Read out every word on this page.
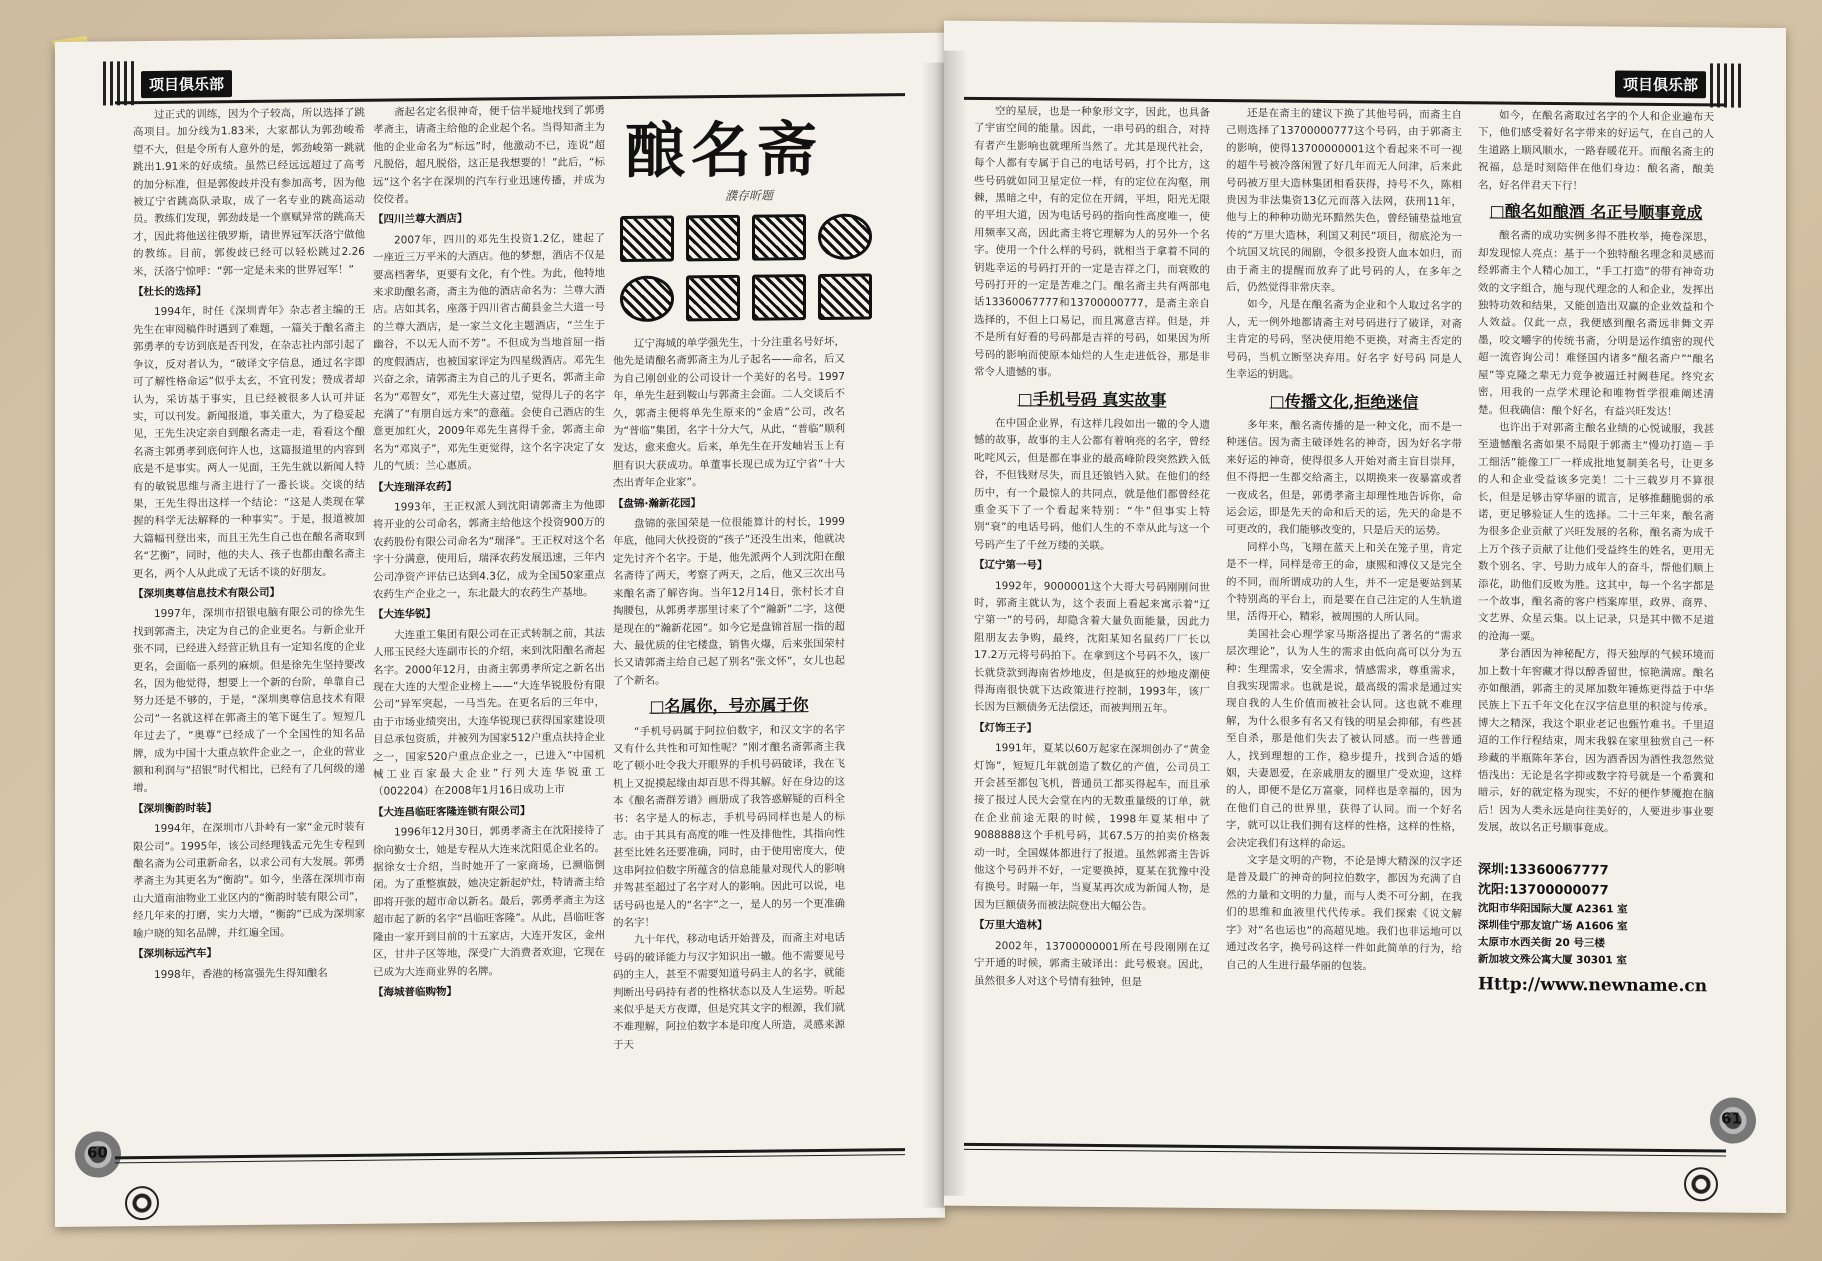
项目俱乐部

过正式的训练，因为个子较高，所以选择了跳高项目。加分线为1.83米，大家都认为郭劲峻希望不大，但是令所有人意外的是，郭劲峻第一跳就跳出1.91米的好成绩。虽然已经远远超过了高考的加分标准，但是郭俊歧并没有参加高考，因为他被辽宁省跳高队录取，成了一名专业的跳高运动员。教练们发现，郭劲歧是一个禀赋异常的跳高天才，因此将他送往俄罗斯，请世界冠军沃洛宁做他的教练。目前，郭俊歧已经可以轻松跳过2.26米，沃洛宁惊呼：“郭一定是未来的世界冠军！”

【杜长的选择】

1994年，时任《深圳青年》杂志者主编的王先生在审阅稿件时遇到了难题，一篇关于酿名斋主郭勇孝的专访到底是否刊发，在杂志社内部引起了争议，反对者认为，“破译文字信息，通过名字即可了解性格命运”似乎太玄，不宜刊发；赞成者却认为，采访基于事实，且已经被很多人认可并证实，可以刊发。新闻报道，事关重大，为了稳妥起见，王先生决定亲自到酿名斋走一走，看看这个酿名斋主郭勇孝到底何许人也，这篇报道里的内容到底是不是事实。两人一见面，王先生就以新闻人特有的敏锐思维与斋主进行了一番长谈。交谈的结果，王先生得出这样一个结论：“这是人类现在掌握的科学无法解释的一种事实”。于是，报道被加大篇幅刊登出来，而且王先生自己也在酿名斋取到名“艺衡”，同时，他的夫人、孩子也都由酿名斋主更名，两个人从此成了无话不谈的好朋友。

【深圳奥尊信息技术有限公司】

1997年，深圳市招银电脑有限公司的徐先生找到郭斋主，决定为自己的企业更名。与新企业开张不同，已经进入经营正轨且有一定知名度的企业更名，会面临一系列的麻烦。但是徐先生坚持要改名，因为他觉得，想要上一个新的台阶，单靠自己努力还是不够的，于是，“深圳奥尊信息技术有限公司”一名就这样在郭斋主的笔下诞生了。短短几年过去了，“奥尊”已经成了一个全国性的知名品牌，成为中国十大重点软件企业之一，企业的营业额和利润与“招银”时代相比，已经有了几何级的递增。

【深圳衡韵时装】

1994年，在深圳市八卦岭有一家“金元时装有限公司”。1995年，该公司经理钱孟元先生专程到酿名斋为公司重新命名，以求公司有大发展。郭勇孝斋主为其更名为“衡韵”。如今，坐落在深圳市南山大道南油物业工业区内的“衡韵时装有限公司”，经几年来的打磨，实力大增，“衡韵”已成为深圳家喻户晓的知名品牌，并红遍全国。

【深圳标远汽车】

1998年，香港的杨富强先生得知酿名

斋起名定名很神奇，便千信半疑地找到了郭勇孝斋主，请斋主给他的企业起个名。当得知斋主为他的企业命名为“标远”时，他激动不已，连说“超凡脱俗，超凡脱俗，这正是我想要的！”此后，“标远”这个名字在深圳的汽车行业迅速传播，并成为佼佼者。

【四川兰尊大酒店】

2007年，四川的邓先生投资1.2亿，建起了一座近三万平米的大酒店。他的梦想，酒店不仅是要高档奢华，更要有文化，有个性。为此，他特地来求助酿名斋，斋主为他的酒店命名为：兰尊大酒店。店如其名，座落于四川省古蔺县金兰大道一号的兰尊大酒店，是一家兰文化主题酒店，“兰生于幽谷，不以无人而不芳”。不但成为当地首屈一指的度假酒店，也被国家评定为四星级酒店。邓先生兴奋之余，请郭斋主为自己的儿子更名，郭斋主命名为“邓智女”，邓先生大喜过望，觉得儿子的名字充满了“有朋自远方来”的意蕴。会使自己酒店的生意更加红火，2009年邓先生喜得千金，郭斋主命名为“邓岚子”，邓先生更觉得，这个名字决定了女儿的气质：兰心惠质。

【大连瑞泽农药】

1993年，王正权派人到沈阳请郭斋主为他即将开业的公司命名，郭斋主给他这个投资900万的农药股份有限公司命名为“瑞泽”。王正权对这个名字十分满意，使用后，瑞泽农药发展迅速，三年内公司净资产评估已达到4.3亿，成为全国50家重点农药生产企业之一，东北最大的农药生产基地。

【大连华锐】

大连重工集团有限公司在正式转制之前，其法人邢玉民经大连副市长的介绍，来到沈阳酿名斋起名字。2000年12月，由斋主郭勇孝所定之新名出现在大连的大型企业榜上——“大连华锐股份有限公司”异军突起，一马当先。在更名后的三年中，由于市场业绩突出，大连华锐现已获得国家建设项目总承包资质，并被列为国家512户重点扶持企业之一，国家520户重点企业之一，已进入“中国机械工业百家最大企业”行列大连华锐重工（002204）在2008年1月16日成功上市

【大连昌临旺客隆连锁有限公司】

1996年12月30日，郭勇孝斋主在沈阳接待了徐向勤女士，她是专程从大连来沈阳觅企业名的。据徐女士介绍，当时她开了一家商场，已濒临倒闭。为了重整旗鼓，她决定新起炉灶，特请斋主给即将开张的超市命以新名。最后，郭勇孝斋主为这超市起了新的名字“昌临旺客隆”。从此，昌临旺客隆由一家开到目前的十五家店，大连开发区，金州区，甘井子区等地，深受广大消费者欢迎，它现在已成为大连商业界的名牌。

【海城普临购物】
酿名斋
濮存昕题

辽宁海城的单学强先生，十分注重名号好坏，他先是请酿名斋郭斋主为儿子起名——命名，后又为自己刚创业的公司设计一个美好的名号。1997年，单先生赶到鞍山与郭斋主会面。二人交谈后不久，郭斋主便将单先生原来的“金盾”公司，改名为“普临”集团，名字十分大气，从此，“普临”顺利发达，愈来愈火。后来，单先生在开发岫岩玉上有胆有识大获成功。单董事长现已成为辽宁省“十大杰出青年企业家”。

【盘锦·瀚新花园】

盘锦的张国荣是一位很能算计的村长，1999年底，他同大伙投资的“孩子”还没生出来，他就决定先讨齐个名字。于是，他先派两个人到沈阳在酿名斋待了两天，考察了两天，之后，他又三次出马来酿名斋了解咨询。当年12月14日，张村长才自掏腰包，从郭勇孝那里讨来了个“瀚新”二字，这便是现在的“瀚新花园”。如今它是盘锦首屈一指的超大、最优质的住宅楼盘，销售火爆，后来张国荣村长又请郭斋主给自己起了别名“张文怀”，女儿也起了个新名。

□名属你，号亦属于你

“手机号码属于阿拉伯数字，和汉文字的名字又有什么共性和可知性呢？”刚才酿名斋郭斋主我吃了顿小吐令我大开眼界的手机号码破译，我在飞机上又捉摸起缘由却百思不得其解。好在身边的这本《酿名斋群芳谱》画册成了我答惑解疑的百科全书：名字是人的标志，手机号码同样也是人的标志。由于其具有高度的唯一性及排他性，其指向性甚至比姓名还要准确，同时，由于使用密度大，使这串阿拉伯数字所蕴含的信息能量对现代人的影响并驾甚至超过了名字对人的影响。因此可以说，电话号码也是人的“名字”之一，是人的另一个更准确的名字！

九十年代，移动电话开始普及，而斋主对电话号码的破译能力与汉字知识出一辙。他不需要见号码的主人，甚至不需要知道号码主人的名字，就能判断出号码持有者的性格状态以及人生运势。听起来似乎是天方夜谭，但是究其文字的根源，我们就不难理解，阿拉伯数字本是印度人所造，灵感来源于天

60
项目俱乐部

空的星辰，也是一种象形文字，因此，也具备了宇宙空间的能量。因此，一串号码的组合，对持有者产生影响也就理所当然了。尤其是现代社会，每个人都有专属于自己的电话号码，打个比方，这些号码就如同卫星定位一样，有的定位在沟壑，荆棘，黑暗之中，有的定位在开阔，平坦，阳光无限的平坦大道，因为电话号码的指向性高度唯一，使用频率又高，因此斋主将它理解为人的另外一个名字。使用一个什么样的号码，就相当于拿着不同的钥匙幸运的号码打开的一定是吉祥之门，而衰败的号码打开的一定是苦难之门。酿名斋主共有两部电话13360067777和13700000777，是斋主亲自选择的，不但上口易记，而且寓意吉祥。但是，并不是所有好看的号码都是吉祥的号码，如果因为所号码的影响而使原本灿烂的人生走进低谷，那是非常令人遗憾的事。

□手机号码 真实故事

在中国企业界，有这样几段如出一辙的令人遗憾的故事，故事的主人公都有着响亮的名字，曾经叱咤风云，但是都在事业的最高峰阶段突然跌入低谷，不但钱财尽失，而且还锒铛入狱。在他们的经历中，有一个最惊人的共同点，就是他们都曾经花重金买下了一个看起来特别：“牛”但事实上特别“衰”的电话号码，他们人生的不幸从此与这一个号码产生了千丝万缕的关联。

【辽宁第一号】

1992年，9000001这个大哥大号码刚刚问世时，郭斋主就认为，这个表面上看起来寓示着“辽宁第一”的号码，却隐含着大量负面能量，因此力阻朋友去争购，最终，沈阳某知名鼠药厂厂长以17.2万元将号码拍下。在拿到这个号码不久，该厂长就贷款到海南省炒地皮，但是疯狂的炒地皮潮使得海南很快就下达政策进行控制，1993年，该厂长因为巨额债务无法偿还，而被判刑五年。

【灯饰王子】

1991年，夏某以60万起家在深圳创办了“黄金灯饰”，短短几年就创造了数亿的产值，公司员工开会甚至都包飞机，普通员工都买得起车，而且承接了报过人民大会堂在内的无数重量级的订单，就在企业前途无限的时候，1998年夏某相中了9088888这个手机号码，其67.5万的拍卖价格轰动一时，全国媒体都进行了报道。虽然郭斋主告诉他这个号码并不好，一定要换掉，夏某在犹豫中没有换号。时隔一年，当夏某再次成为新闻人物，是因为巨额债务而被法院登出大幅公告。

【万里大造林】

2002年，13700000001所在号段刚刚在辽宁开通的时候，郭斋主破译出：此号极衰。因此，虽然很多人对这个号情有独钟，但是

还是在斋主的建议下换了其他号码，而斋主自己则选择了13700000777这个号码，由于郭斋主的影响，使得13700000001这个看起来不可一视的超牛号被冷落闲置了好几年而无人问津，后来此号码被万里大造林集团相看获得，持号不久，陈相贵因为非法集资13亿元而落入法网，获刑11年，他与上的种种功勋光环黯然失色，曾经铺垫益地宣传的“万里大造林，利国又利民”项目，彻底沦为一个坑国又坑民的闹剧，令很多投资人血本如归，而由于斋主的提醒而放弃了此号码的人，在多年之后，仍然觉得非常庆幸。

如今，凡是在酿名斋为企业和个人取过名字的人，无一例外地都请斋主对号码进行了破译，对斋主肯定的号码，坚决使用绝不更换，对斋主否定的号码，当机立断坚决弃用。好名字 好号码 同是人生幸运的钥匙。

□传播文化,拒绝迷信

多年来，酿名斋传播的是一种文化，而不是一种迷信。因为斋主破译姓名的神奇，因为好名字带来好运的神奇，使得很多人开始对斋主盲目崇拜，但不得把一生都交给斋主，以期换来一夜暴富或者一夜成名，但是，郭勇孝斋主却理性地告诉你，命运会运，即是先天的命和后天的运，先天的命是不可更改的，我们能够改变的，只是后天的运势。

同样小鸟，飞翔在蓝天上和关在笼子里，肯定是不一样，同样是帝王的命，康熙和溥仪又是完全的不同，而所谓成功的人生，并不一定是要站到某个特别高的平台上，而是要在自己注定的人生轨道里，活得开心，精彩，被周围的人所认同。

美国社会心理学家马斯洛提出了著名的“需求层次理论”，认为人生的需求由低向高可以分为五种：生理需求，安全需求，情感需求，尊重需求，自我实现需求。也就是说，最高级的需求是通过实现自我的人生价值而被社会认同。这也就不难理解，为什么很多有名又有钱的明星会抑郁，有些甚至自杀，那是他们失去了被认同感。而一些普通人，找到理想的工作，稳步提升，找到合适的婚姻，夫妻恩爱，在亲戚朋友的圈里广受欢迎，这样的人，即便不是亿万富豪，同样也是幸福的，因为在他们自己的世界里，获得了认同。而一个好名字，就可以让我们拥有这样的性格，这样的性格，会决定我们有这样的命运。

文字是文明的产物，不论是博大精深的汉字还是普及最广的神奇的阿拉伯数字，都因为充满了自然的力量和文明的力量，而与人类不可分割，在我们的思维和血液里代代传承。我们探索《说文解字》对“名也运也”的高超见地。我们也非运地可以通过改名字，换号码这样一件如此简单的行为，给自己的人生进行最华丽的包装。

如今，在酿名斋取过名字的个人和企业遍布天下，他们感受着好名字带来的好运气，在自己的人生道路上顺风顺水，一路春暖花开。而酿名斋主的祝福，总是时刻陪伴在他们身边：酿名斋，酿美名，好名伴君天下行！

□酿名如酿酒 名正号顺事竟成

酿名斋的成功实例多得不胜枚举，掩卷深思，却发现惊人亮点：基于一个独特酿名理念和灵感而经郭斋主个人精心加工，“手工打造”的带有神奇功效的文字组合，施与现代理念的人和企业，发挥出独特功效和结果，又能创造出双赢的企业效益和个人效益。仅此一点，我便感到酿名斋远非舞文弄墨，咬文嚼字的传统书斋，分明是运作缜密的现代超一流咨询公司！难怪国内诸多“酿名斋户”“酿名屋”等克隆之辈无力竞争被逼迁衬阙巷尾。终究玄密，用我的一点学术理论和唯物哲学很难阐述清楚。但我确信：酿个好名，有益兴旺发达！

也许出于对郭斋主酿名业绩的心悦诚服，我甚至遗憾酿名斋如果不局限于郭斋主“慢功打造－手工细活”能像工厂一样成批地复制美名号，让更多的人和企业受益该多完美！二十三载岁月不算很长，但是足够击穿华丽的谎言，足够推翻脆弱的承诺，更足够验证人生的选择。二十三年来，酿名斋为很多企业贡献了兴旺发展的名称，酿名斋为成千上万个孩子贡献了让他们受益终生的姓名，更用无数个别名、字、号助力成年人的奋斗，帮他们顺上添花，助他们反败为胜。这其中，每一个名字都是一个故事，酿名斋的客户档案库里，政界、商界、文艺界、众星云集。以上记录，只是其中微不足道的沧海一粟。

茅台酒因为神秘配方，得天独厚的气候环境而加上数十年窖藏才得以醇香留世，惊艳满席。酿名亦如酿酒，郭斋主的灵犀加数年锤炼更得益于中华民族上下五千年文化在汉字信息里的积淀与传承。博大之精深，我这个职业老记也甄竹难书。千里迢迢的工作行程结束，周末我躲在家里独赏自己一杯珍藏的半瓶陈年茅台，因为酒香因为酒性我忽然觉悟浅出：无论是名字抑或数字符号就是一个希冀和暗示，好的就定格为现实，不好的便作梦魇抱在脑后！因为人类永远是向往美好的，人要进步事业要发展，故以名正号顺事竟成。

深圳:13360067777
沈阳:13700000077
沈阳市华阳国际大厦 A2361 室
深圳佳宁那友谊广场 A1606 室
太原市水西关街 20 号三楼
新加坡文殊公寓大厦 30301 室
Http://www.newname.cn
61
